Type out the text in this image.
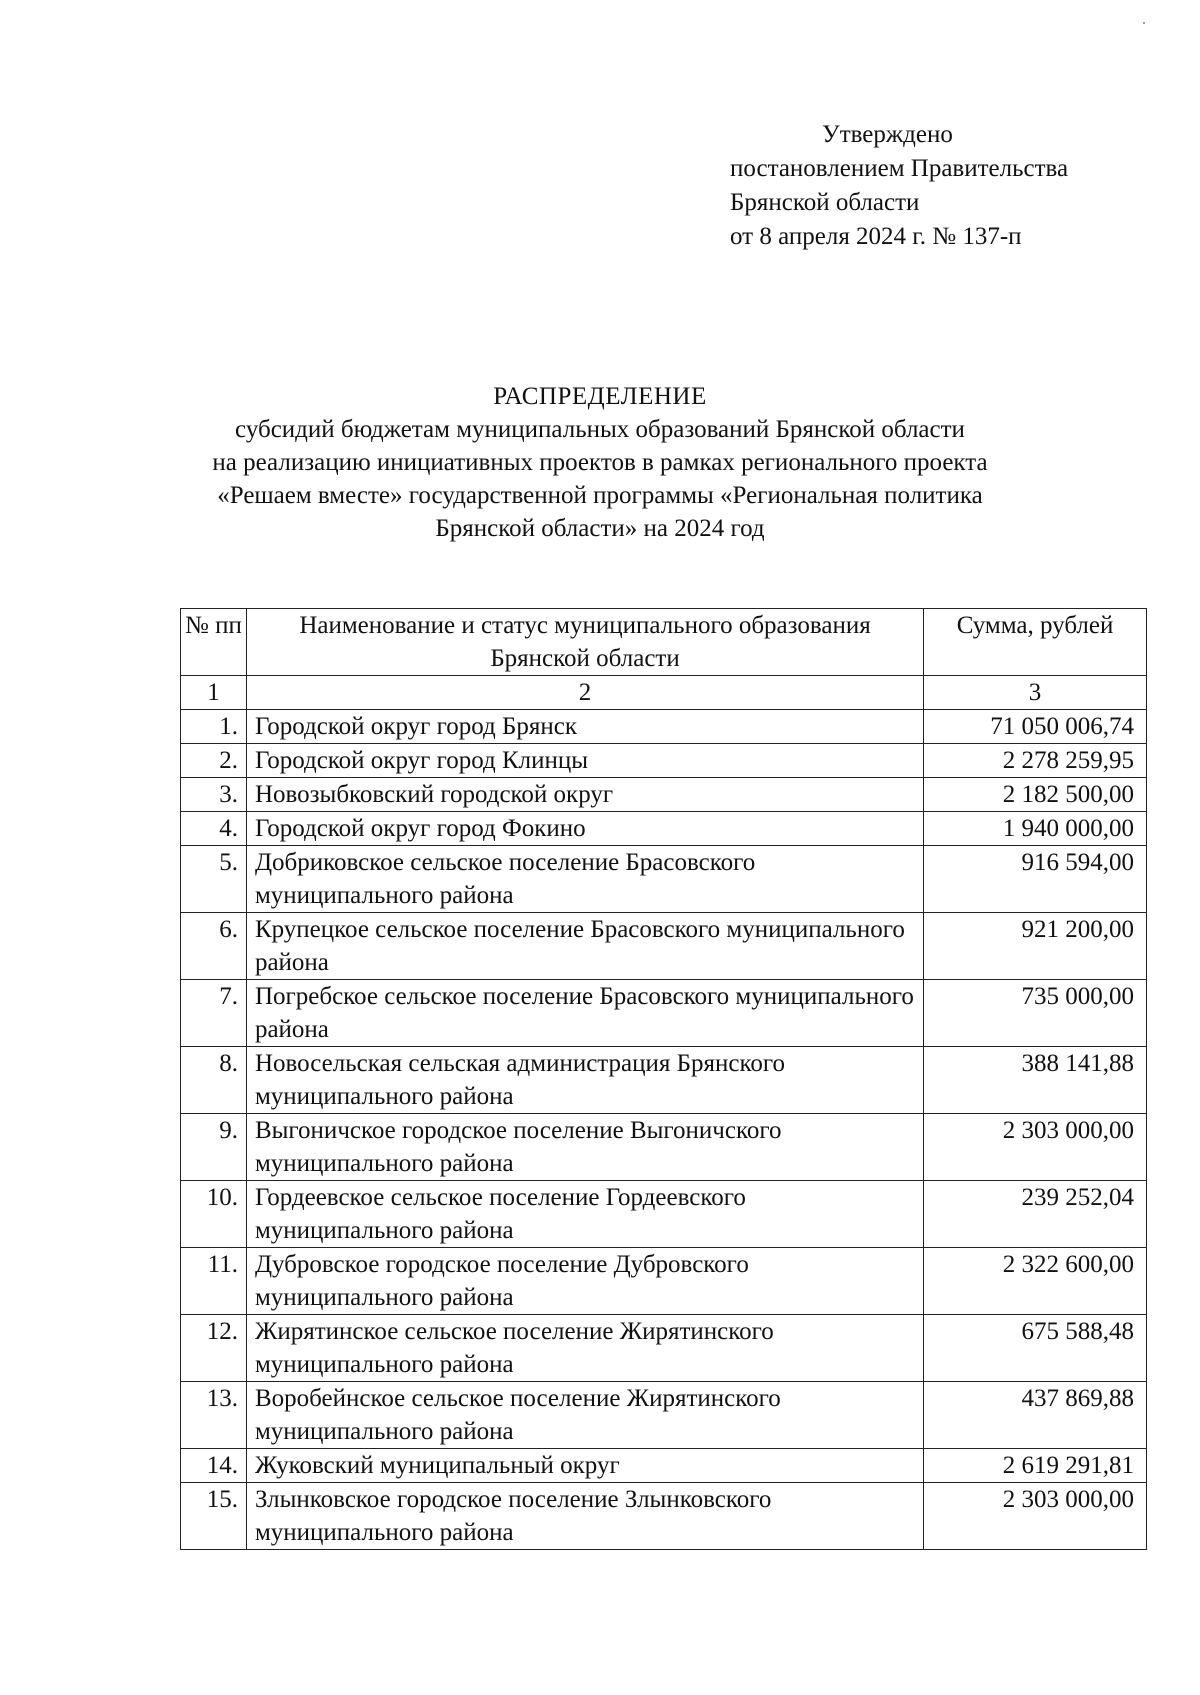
Утверждено
постановлением Правительства
Брянской области
от 8 апреля 2024 г. № 137-п
РАСПРЕДЕЛЕНИЕ
субсидий бюджетам муниципальных образований Брянской области
на реализацию инициативных проектов в рамках регионального проекта
«Решаем вместе» государственной программы «Региональная политика
Брянской области» на 2024 год
№ пп	Наименование и статус муниципального образования Брянской области	Сумма, рублей
1	2	3
1.	Городской округ город Брянск	71 050 006,74
2.	Городской округ город Клинцы	2 278 259,95
3.	Новозыбковский городской округ	2 182 500,00
4.	Городской округ город Фокино	1 940 000,00
5.	Добриковское сельское поселение Брасовского муниципального района	916 594,00
6.	Крупецкое сельское поселение Брасовского муниципального района	921 200,00
7.	Погребское сельское поселение Брасовского муниципального района	735 000,00
8.	Новосельская сельская администрация Брянского муниципального района	388 141,88
9.	Выгоничское городское поселение Выгоничского муниципального района	2 303 000,00
10.	Гордеевское сельское поселение Гордеевского муниципального района	239 252,04
11.	Дубровское городское поселение Дубровского муниципального района	2 322 600,00
12.	Жирятинское сельское поселение Жирятинского муниципального района	675 588,48
13.	Воробейнское сельское поселение Жирятинского муниципального района	437 869,88
14.	Жуковский муниципальный округ	2 619 291,81
15.	Злынковское городское поселение Злынковского муниципального района	2 303 000,00
